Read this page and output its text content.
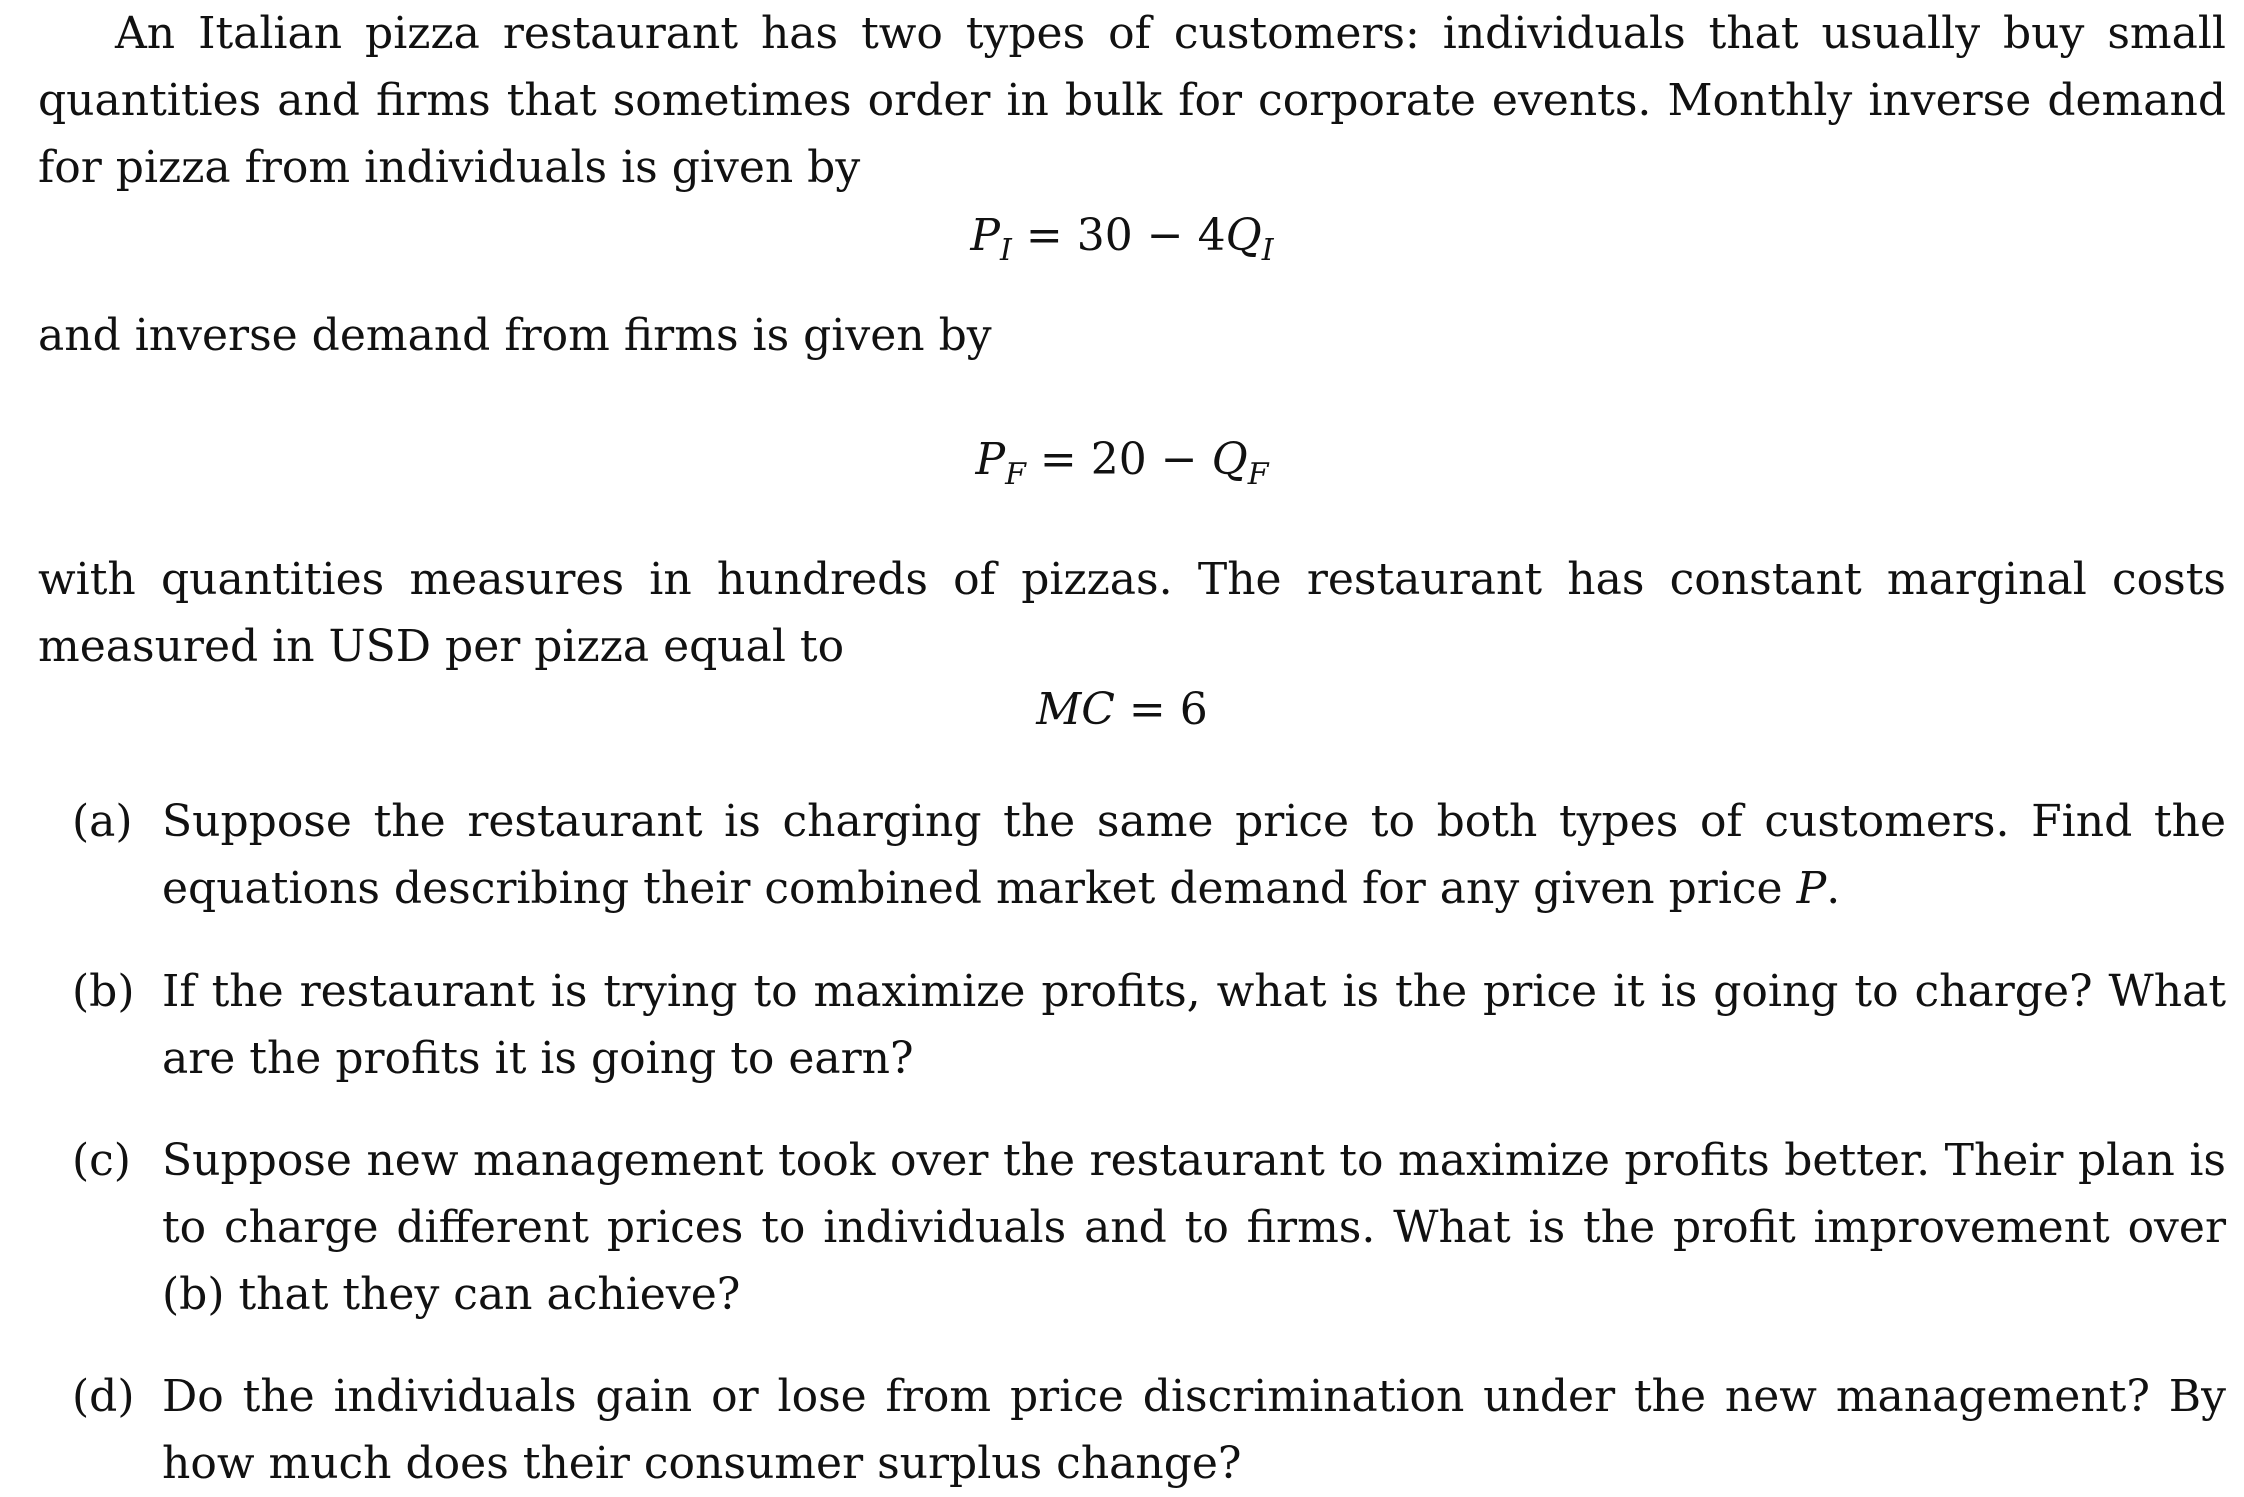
An Italian pizza restaurant has two types of customers: individuals that usually buy small quantities and firms that sometimes order in bulk for corporate events. Monthly inverse demand for pizza from individuals is given by

$P_I = 30 - 4Q_I$

and inverse demand from firms is given by

$P_F = 20 - Q_F$

with quantities measures in hundreds of pizzas. The restaurant has constant marginal costs measured in USD per pizza equal to

MC = 6
(a) Suppose the restaurant is charging the same price to both types of customers. Find the equations describing their combined market demand for any given price P.
(b) If the restaurant is trying to maximize profits, what is the price it is going to charge? What are the profits it is going to earn?
(c) Suppose new management took over the restaurant to maximize profits better. Their plan is to charge different prices to individuals and to firms. What is the profit improvement over (b) that they can achieve?
(d) Do the individuals gain or lose from price discrimination under the new management? By how much does their consumer surplus change?
